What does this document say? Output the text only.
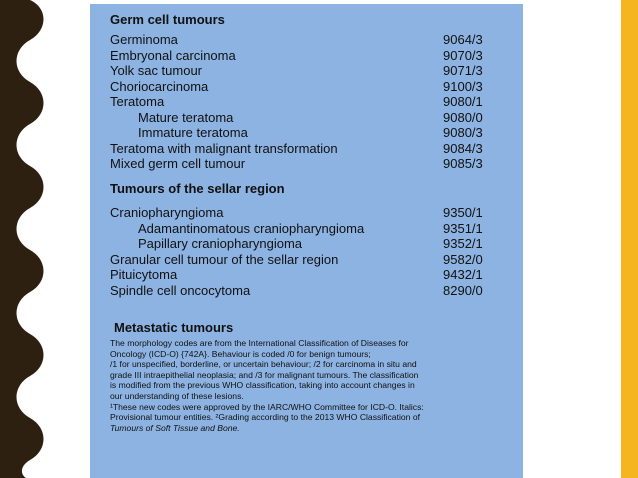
Germ cell tumours
Germinoma	9064/3
Embryonal carcinoma	9070/3
Yolk sac tumour	9071/3
Choriocarcinoma	9100/3
Teratoma	9080/1
Mature teratoma	9080/0
Immature teratoma	9080/3
Teratoma with malignant transformation	9084/3
Mixed germ cell tumour	9085/3
Tumours of the sellar region
Craniopharyngioma	9350/1
Adamantinomatous craniopharyngioma	9351/1
Papillary craniopharyngioma	9352/1
Granular cell tumour of the sellar region	9582/0
Pituicytoma	9432/1
Spindle cell oncocytoma	8290/0
Metastatic tumours
The morphology codes are from the International Classification of Diseases for
Oncology (ICD-O) {742A}. Behaviour is coded /0 for benign tumours;
/1 for unspecified, borderline, or uncertain behaviour; /2 for carcinoma in situ and
grade III intraepithelial neoplasia; and /3 for malignant tumours. The classification
is modified from the previous WHO classification, taking into account changes in
our understanding of these lesions.
¹These new codes were approved by the IARC/WHO Committee for ICD-O. Italics:
Provisional tumour entities. ²Grading according to the 2013 WHO Classification of
Tumours of Soft Tissue and Bone.
